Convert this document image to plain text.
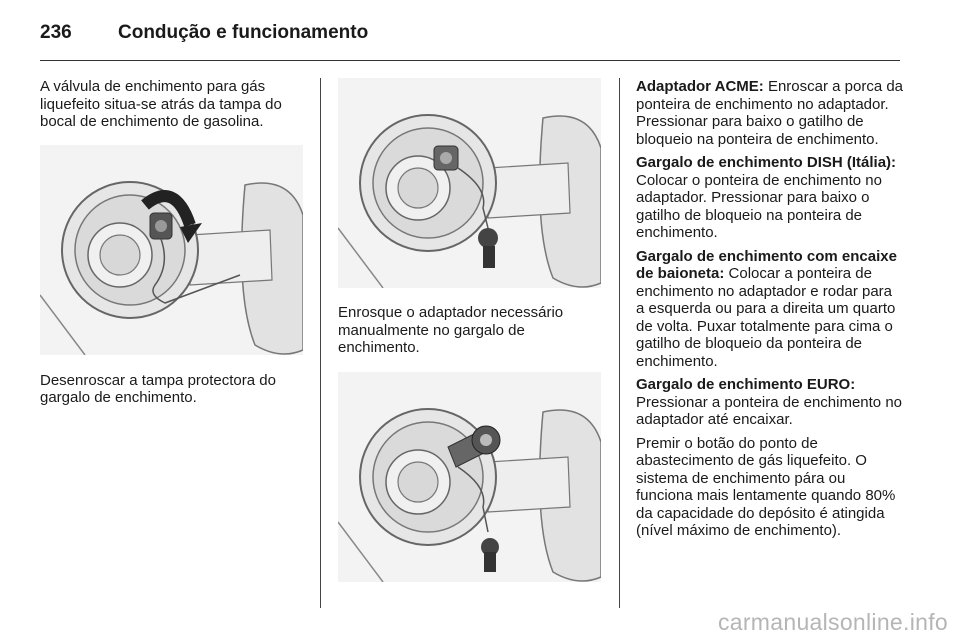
236	Condução e funcionamento

A válvula de enchimento para gás liquefeito situa-se atrás da tampa do bocal de enchimento de gasolina.

Desenroscar a tampa protectora do gargalo de enchimento.

Enrosque o adaptador necessário manualmente no gargalo de enchimento.

Adaptador ACME: Enroscar a porca da ponteira de enchimento no adaptador. Pressionar para baixo o gatilho de bloqueio na ponteira de enchimento.

Gargalo de enchimento DISH (Itália): Colocar o ponteira de enchimento no adaptador. Pressionar para baixo o gatilho de bloqueio na ponteira de enchimento.

Gargalo de enchimento com encaixe de baioneta: Colocar a ponteira de enchimento no adaptador e rodar para a esquerda ou para a direita um quarto de volta. Puxar totalmente para cima o gatilho de bloqueio da ponteira de enchimento.

Gargalo de enchimento EURO: Pressionar a ponteira de enchimento no adaptador até encaixar.

Premir o botão do ponto de abastecimento de gás liquefeito. O sistema de enchimento pára ou funciona mais lentamente quando 80% da capacidade do depósito é atingida (nível máximo de enchimento).

carmanualsonline.info
